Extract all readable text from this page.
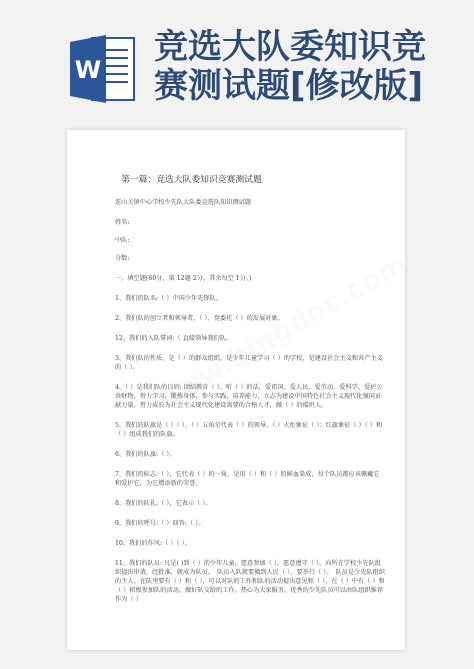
W
竞选大队委知识竞
赛测试题[修改版]
第一篇：竞选大队委知识竞赛测试题
连山关镇中心学校少先队大队委竞选队知识测试题
姓名:
中队:
分数:
一、填空题(60分，第 12题 2分，其余每空 1分。)
1、我们的队名:（ ）中国少年先锋队。
2、我们队的创立者和领导者，（ ）、党委托（ ）的发展对象。
12、我们的入队誓词:（ 直接领导我们队。
3、我们队的性质，是（ ）的群众组织，是少年儿童学习（ ）的学校，是建设社会主义和共产主义的（ ）。
4、（ ）是我们队的目的: 团结教育（ ）、听（ ）的话，爱祖国、爱人民、爱劳动、爱科学、爱护公共财物，努力学习，锻炼身体，参与实践，培养能力，立志为建设中国特色社会主义现代化强国贡献力量，努力成长为社会主义现代化建设需要的合格人才，做（ ）的接班人。
5、我们的队旗是（ ）（ ）、（ ）五角星代表（ ）的领导，（ ）火炬象征（ ）；红旗象征（ ）（ ）和（ ）组成我们的队旗。
6、我们的队旗:（ ）。
7、我们的标志:（ ），它代表（ ）的一角，是用（ ）和（ ）的鲜血染成，每个队员都应该佩戴它和爱护它，为它增添新的荣誉。
8、我们的队礼:（ ），它表示（ ）。
9、我们的呼号:（ ）回答:（ ）。
10、我们的作风:（ ）（ ）。
11、我们的队员: 凡是( )到（ ）的少年儿童，愿意参加（ ），愿意遵守（ ），向所在学校少先队组织提出申请，经批准，就成为队员。　队员入队就要做到人民（ ），要举行（ ）。　队员是少先队组织的主人。在队里要有（ ）和（ ），可以对队的工作和队的活动提出意见和（ ），在（ ）中有（ ）和（ ）积极参加队的活动，做好队交给的工作，热心为大家服务，优秀的少先队员可以由队组织推荐作为（ ）
